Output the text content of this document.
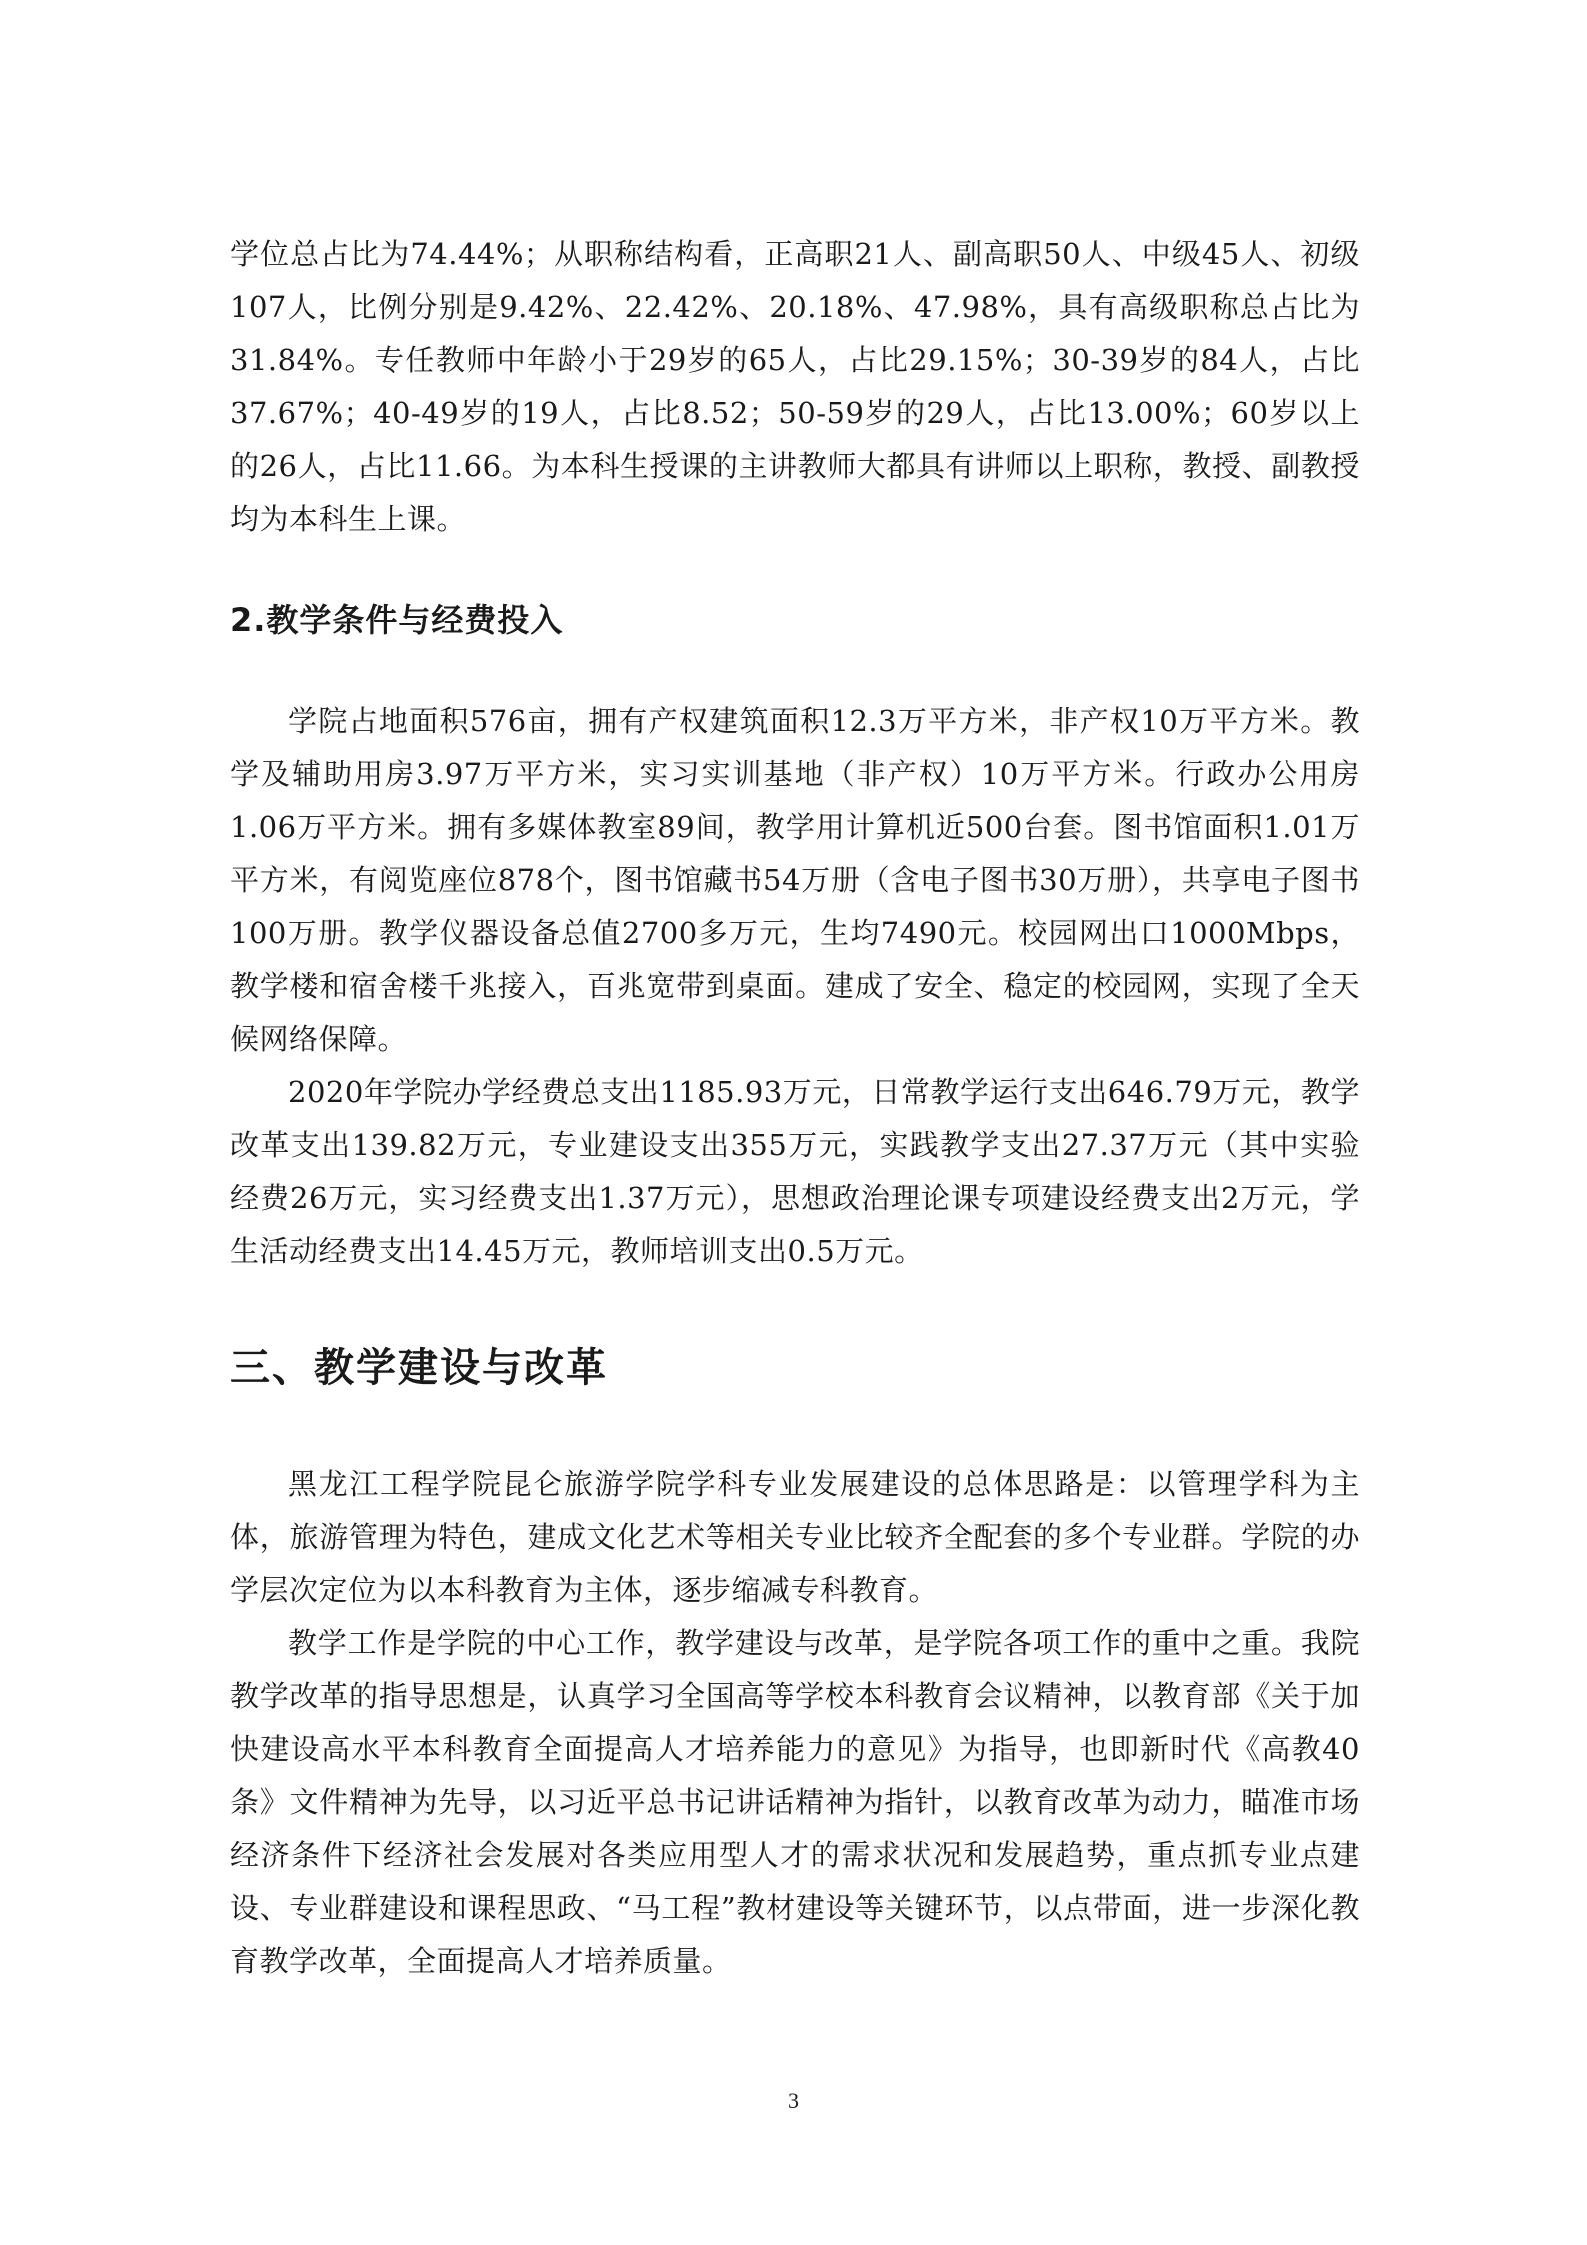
学位总占比为74.44%；从职称结构看，正高职21人、副高职50人、中级45人、初级107人，比例分别是9.42%、22.42%、20.18%、47.98%，具有高级职称总占比为31.84%。专任教师中年龄小于29岁的65人，占比29.15%；30-39岁的84人，占比37.67%；40-49岁的19人，占比8.52；50-59岁的29人，占比13.00%；60岁以上的26人，占比11.66。为本科生授课的主讲教师大都具有讲师以上职称，教授、副教授均为本科生上课。

2.教学条件与经费投入

学院占地面积576亩，拥有产权建筑面积12.3万平方米，非产权10万平方米。教学及辅助用房3.97万平方米，实习实训基地（非产权）10万平方米。行政办公用房1.06万平方米。拥有多媒体教室89间，教学用计算机近500台套。图书馆面积1.01万平方米，有阅览座位878个，图书馆藏书54万册（含电子图书30万册），共享电子图书100万册。教学仪器设备总值2700多万元，生均7490元。校园网出口1000Mbps，教学楼和宿舍楼千兆接入，百兆宽带到桌面。建成了安全、稳定的校园网，实现了全天候网络保障。

2020年学院办学经费总支出1185.93万元，日常教学运行支出646.79万元，教学改革支出139.82万元，专业建设支出355万元，实践教学支出27.37万元（其中实验经费26万元，实习经费支出1.37万元），思想政治理论课专项建设经费支出2万元，学生活动经费支出14.45万元，教师培训支出0.5万元。

三、教学建设与改革

黑龙江工程学院昆仑旅游学院学科专业发展建设的总体思路是：以管理学科为主体，旅游管理为特色，建成文化艺术等相关专业比较齐全配套的多个专业群。学院的办学层次定位为以本科教育为主体，逐步缩减专科教育。

教学工作是学院的中心工作，教学建设与改革，是学院各项工作的重中之重。我院教学改革的指导思想是，认真学习全国高等学校本科教育会议精神，以教育部《关于加快建设高水平本科教育全面提高人才培养能力的意见》为指导，也即新时代《高教40条》文件精神为先导，以习近平总书记讲话精神为指针，以教育改革为动力，瞄准市场经济条件下经济社会发展对各类应用型人才的需求状况和发展趋势，重点抓专业点建设、专业群建设和课程思政、“马工程”教材建设等关键环节，以点带面，进一步深化教育教学改革，全面提高人才培养质量。

3
